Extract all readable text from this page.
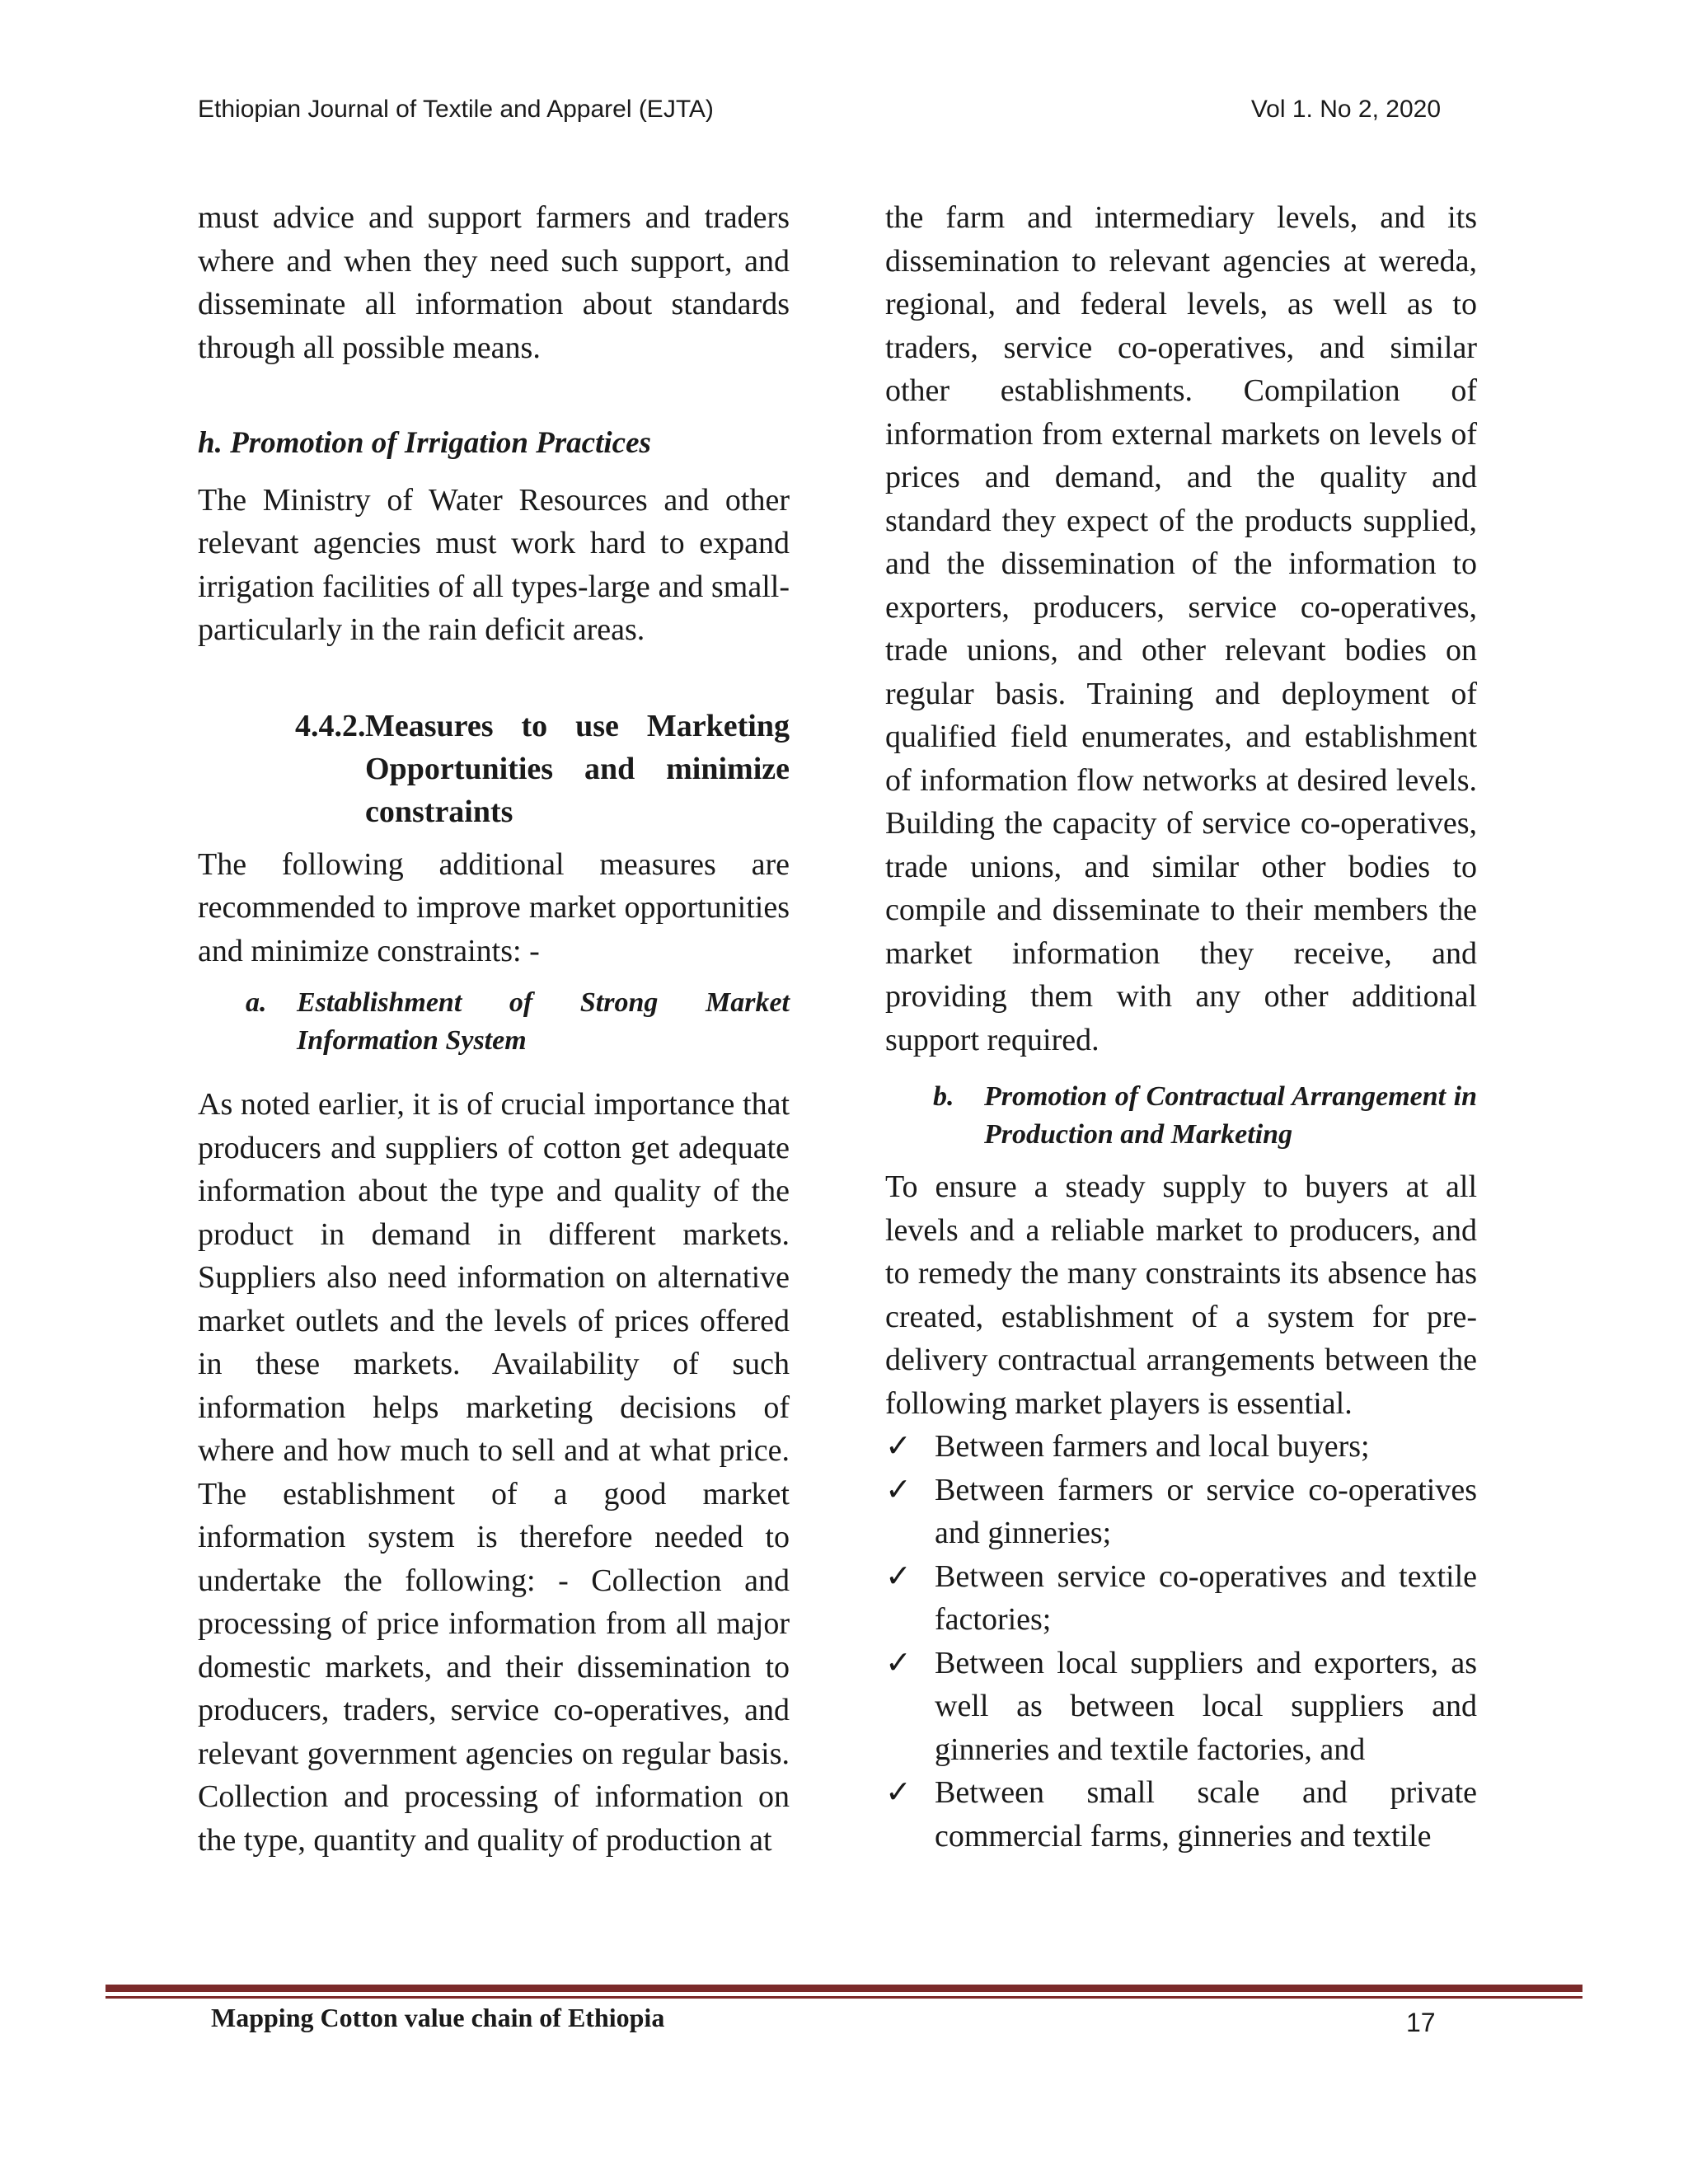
Ethiopian Journal of Textile and Apparel (EJTA)	Vol 1. No 2, 2020

must advice and support farmers and traders where and when they need such support, and disseminate all information about standards through all possible means.

h. Promotion of Irrigation Practices

The Ministry of Water Resources and other relevant agencies must work hard to expand irrigation facilities of all types-large and small- particularly in the rain deficit areas.

4.4.2. Measures to use Marketing Opportunities and minimize constraints

The following additional measures are recommended to improve market opportunities and minimize constraints: -

a.	Establishment of Strong Market Information System

As noted earlier, it is of crucial importance that producers and suppliers of cotton get adequate information about the type and quality of the product in demand in different markets. Suppliers also need information on alternative market outlets and the levels of prices offered in these markets. Availability of such information helps marketing decisions of where and how much to sell and at what price. The establishment of a good market information system is therefore needed to undertake the following: - Collection and processing of price information from all major domestic markets, and their dissemination to producers, traders, service co-operatives, and relevant government agencies on regular basis. Collection and processing of information on the type, quantity and quality of production at

the farm and intermediary levels, and its dissemination to relevant agencies at wereda, regional, and federal levels, as well as to traders, service co-operatives, and similar other establishments. Compilation of information from external markets on levels of prices and demand, and the quality and standard they expect of the products supplied, and the dissemination of the information to exporters, producers, service co-operatives, trade unions, and other relevant bodies on regular basis. Training and deployment of qualified field enumerates, and establishment of information flow networks at desired levels. Building the capacity of service co-operatives, trade unions, and similar other bodies to compile and disseminate to their members the market information they receive, and providing them with any other additional support required.

b.	Promotion of Contractual Arrangement in Production and Marketing

To ensure a steady supply to buyers at all levels and a reliable market to producers, and to remedy the many constraints its absence has created, establishment of a system for pre-delivery contractual arrangements between the following market players is essential.

✓ Between farmers and local buyers;
✓ Between farmers or service co-operatives and ginneries;
✓ Between service co-operatives and textile factories;
✓ Between local suppliers and exporters, as well as between local suppliers and ginneries and textile factories, and
✓ Between small scale and private commercial farms, ginneries and textile
Mapping Cotton value chain of Ethiopia	17
